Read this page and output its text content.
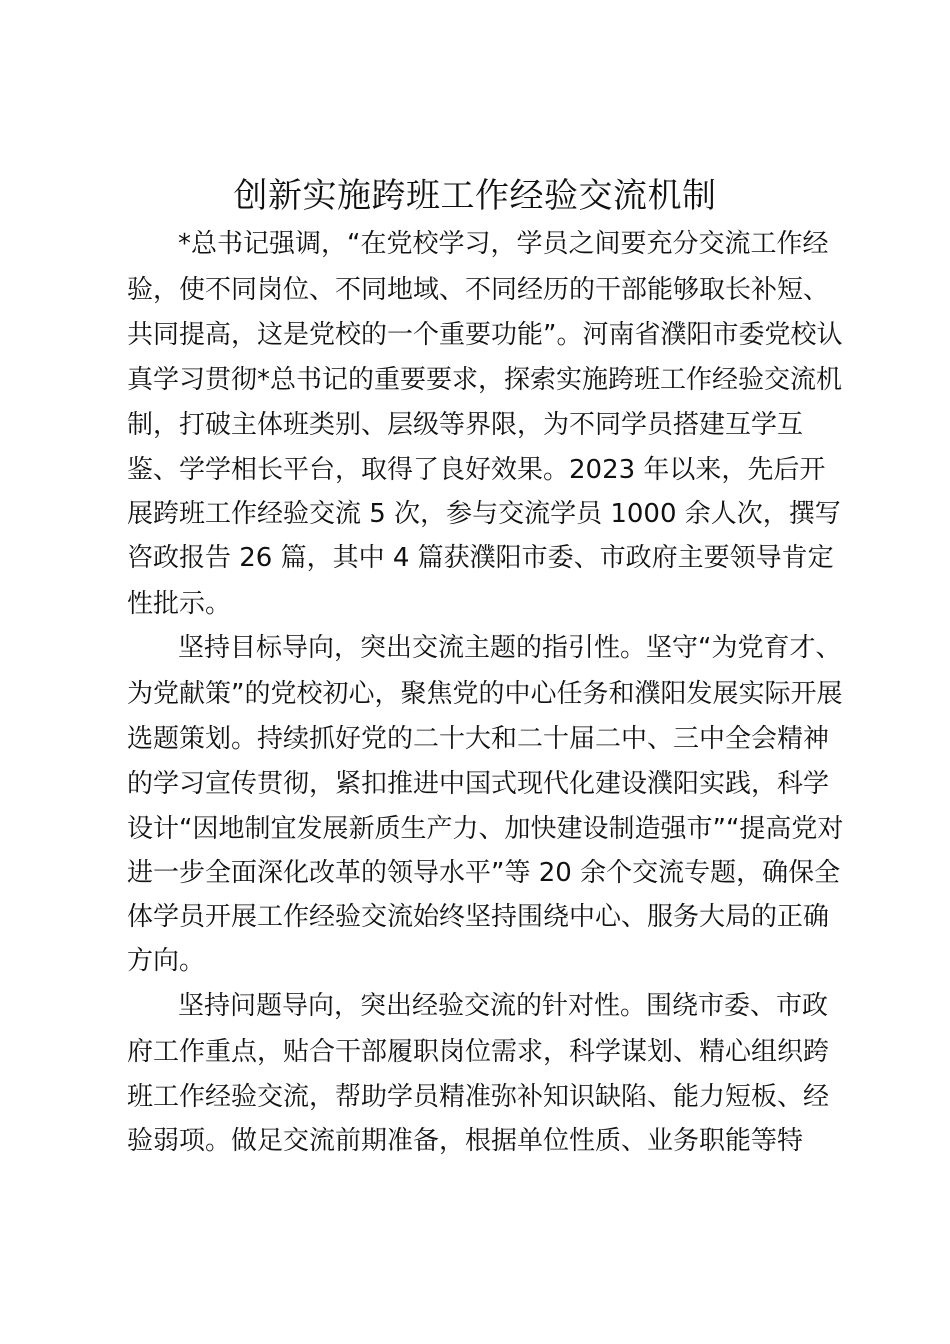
创新实施跨班工作经验交流机制
*总书记强调，“在党校学习，学员之间要充分交流工作经
验，使不同岗位、不同地域、不同经历的干部能够取长补短、
共同提高，这是党校的一个重要功能”。河南省濮阳市委党校认
真学习贯彻*总书记的重要要求，探索实施跨班工作经验交流机
制，打破主体班类别、层级等界限，为不同学员搭建互学互
鉴、学学相长平台，取得了良好效果。2023 年以来，先后开
展跨班工作经验交流 5 次，参与交流学员 1000 余人次，撰写
咨政报告 26 篇，其中 4 篇获濮阳市委、市政府主要领导肯定
性批示。
坚持目标导向，突出交流主题的指引性。坚守“为党育才、
为党献策”的党校初心，聚焦党的中心任务和濮阳发展实际开展
选题策划。持续抓好党的二十大和二十届二中、三中全会精神
的学习宣传贯彻，紧扣推进中国式现代化建设濮阳实践，科学
设计“因地制宜发展新质生产力、加快建设制造强市”“提高党对
进一步全面深化改革的领导水平”等 20 余个交流专题，确保全
体学员开展工作经验交流始终坚持围绕中心、服务大局的正确
方向。
坚持问题导向，突出经验交流的针对性。围绕市委、市政
府工作重点，贴合干部履职岗位需求，科学谋划、精心组织跨
班工作经验交流，帮助学员精准弥补知识缺陷、能力短板、经
验弱项。做足交流前期准备，根据单位性质、业务职能等特
